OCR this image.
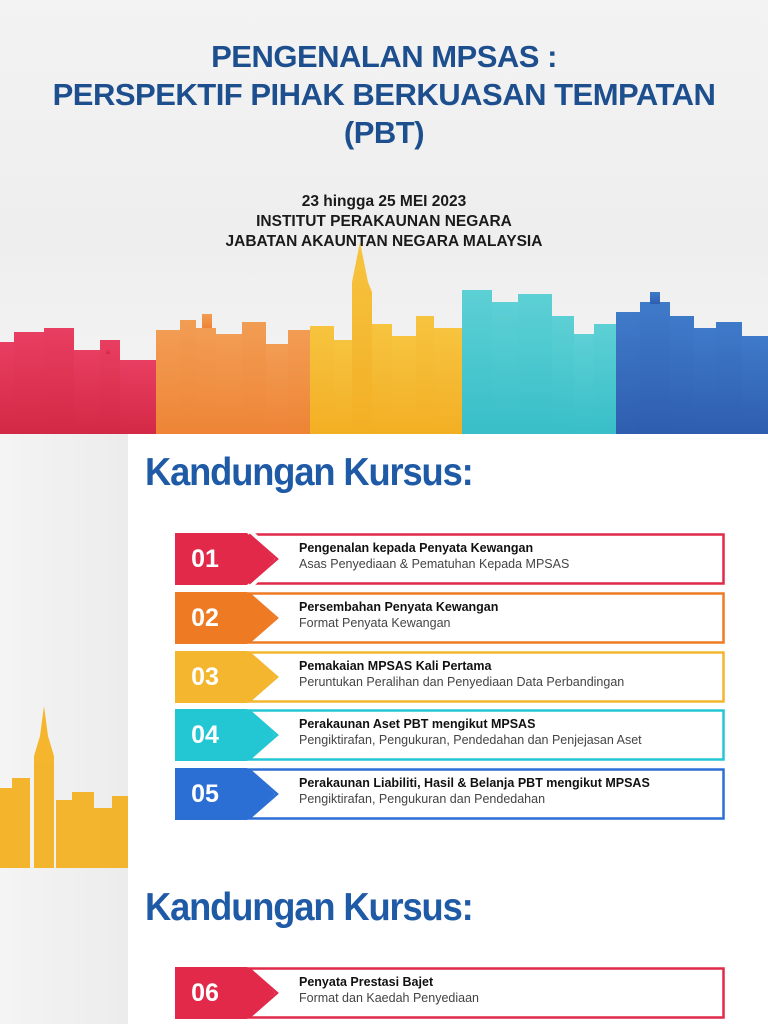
PENGENALAN MPSAS :
PERSPEKTIF PIHAK BERKUASAN TEMPATAN
(PBT)
23 hingga 25 MEI 2023
INSTITUT PERAKAUNAN NEGARA
JABATAN AKAUNTAN NEGARA MALAYSIA
Kandungan Kursus:
01	Pengenalan kepada Penyata Kewangan
Asas Penyediaan & Pematuhan Kepada MPSAS
02	Persembahan Penyata Kewangan
Format Penyata Kewangan
03	Pemakaian MPSAS Kali Pertama
Peruntukan Peralihan dan Penyediaan Data Perbandingan
04	Perakaunan Aset PBT mengikut MPSAS
Pengiktirafan, Pengukuran, Pendedahan dan Penjejasan Aset
05	Perakaunan Liabiliti, Hasil & Belanja PBT mengikut MPSAS
Pengiktirafan, Pengukuran dan Pendedahan
Kandungan Kursus:
06	Penyata Prestasi Bajet
Format dan Kaedah Penyediaan
